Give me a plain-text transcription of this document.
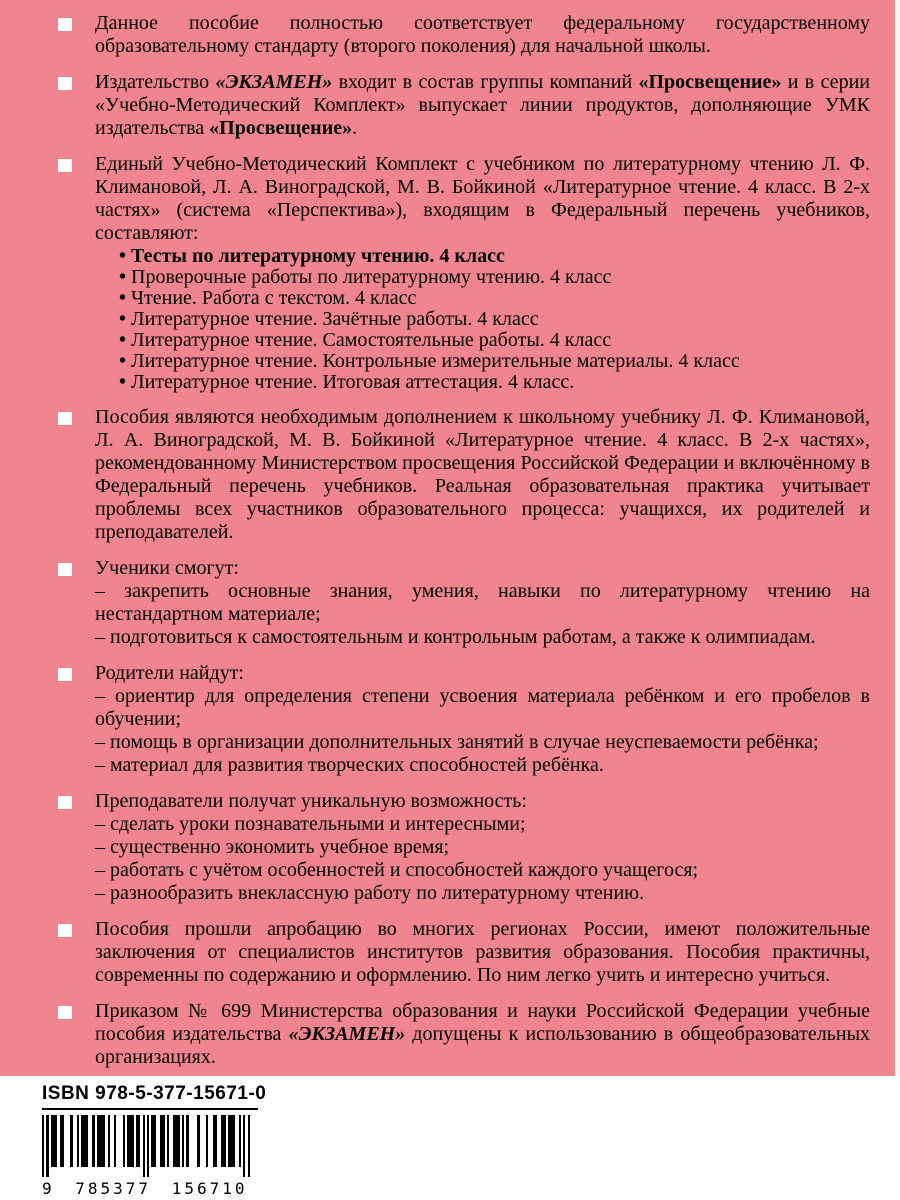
Данное пособие полностью соответствует федеральному государственному образовательному стандарту (второго поколения) для начальной школы.
Издательство «ЭКЗАМЕН» входит в состав группы компаний «Просвещение» и в серии «Учебно-Методический Комплект» выпускает линии продуктов, дополняющие УМК издательства «Просвещение».
Единый Учебно-Методический Комплект с учебником по литературному чтению Л. Ф. Климановой, Л. А. Виноградской, М. В. Бойкиной «Литературное чтение. 4 класс. В 2-х частях» (система «Перспектива»), входящим в Федеральный перечень учебников, составляют:
• Тесты по литературному чтению. 4 класс
• Проверочные работы по литературному чтению. 4 класс
• Чтение. Работа с текстом. 4 класс
• Литературное чтение. Зачётные работы. 4 класс
• Литературное чтение. Самостоятельные работы. 4 класс
• Литературное чтение. Контрольные измерительные материалы. 4 класс
• Литературное чтение. Итоговая аттестация. 4 класс.
Пособия являются необходимым дополнением к школьному учебнику Л. Ф. Климановой, Л. А. Виноградской, М. В. Бойкиной «Литературное чтение. 4 класс. В 2-х частях», рекомендованному Министерством просвещения Российской Федерации и включённому в Федеральный перечень учебников. Реальная образовательная практика учитывает проблемы всех участников образовательного процесса: учащихся, их родителей и преподавателей.
Ученики смогут:
– закрепить основные знания, умения, навыки по литературному чтению на нестандартном материале;
– подготовиться к самостоятельным и контрольным работам, а также к олимпиадам.
Родители найдут:
– ориентир для определения степени усвоения материала ребёнком и его пробелов в обучении;
– помощь в организации дополнительных занятий в случае неуспеваемости ребёнка;
– материал для развития творческих способностей ребёнка.
Преподаватели получат уникальную возможность:
– сделать уроки познавательными и интересными;
– существенно экономить учебное время;
– работать с учётом особенностей и способностей каждого учащегося;
– разнообразить внеклассную работу по литературному чтению.
Пособия прошли апробацию во многих регионах России, имеют положительные заключения от специалистов институтов развития образования. Пособия практичны, современны по содержанию и оформлению. По ним легко учить и интересно учиться.
Приказом № 699 Министерства образования и науки Российской Федерации учебные пособия издательства «ЭКЗАМЕН» допущены к использованию в общеобразовательных организациях.
ISBN 978-5-377-15671-0
9 785377 156710
